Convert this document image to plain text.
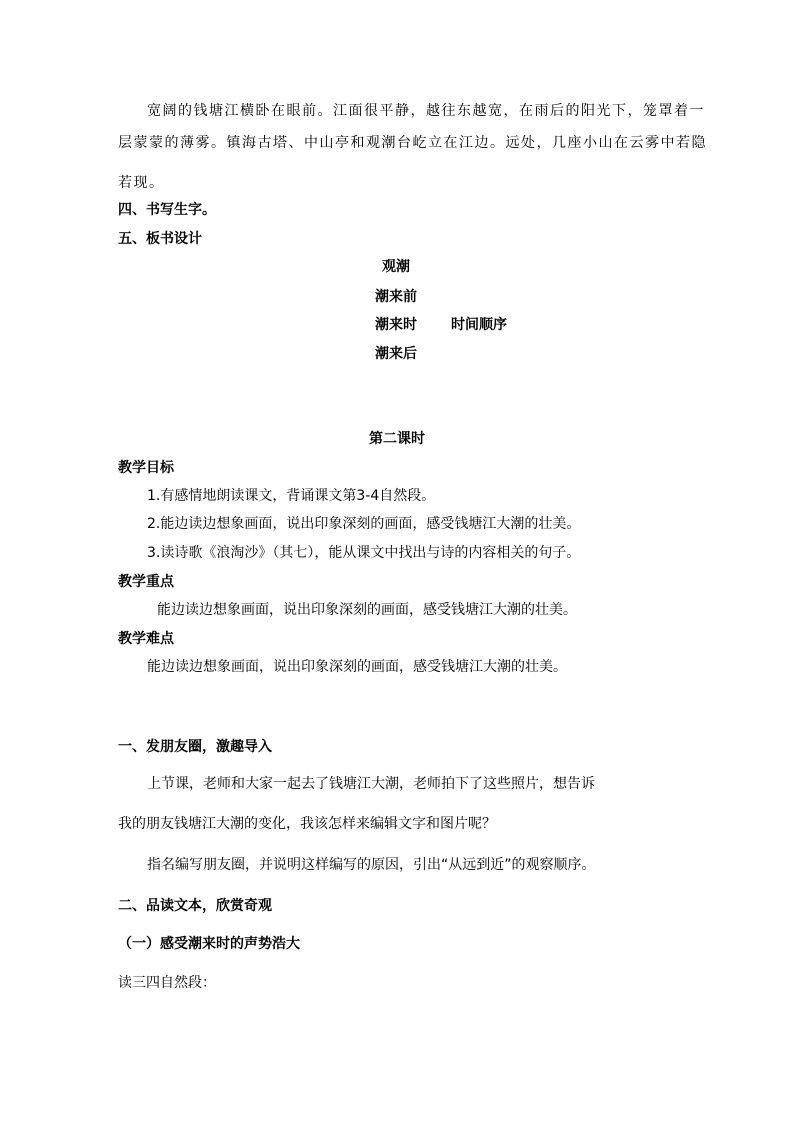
宽阔的钱塘江横卧在眼前。江面很平静，越往东越宽，在雨后的阳光下，笼罩着一
层蒙蒙的薄雾。镇海古塔、中山亭和观潮台屹立在江边。远处，几座小山在云雾中若隐
若现。
四、书写生字。
五、板书设计
观潮
潮来前
潮来时 时间顺序
潮来后
第二课时
教学目标
1.有感情地朗读课文，背诵课文第3-4自然段。
2.能边读边想象画面，说出印象深刻的画面，感受钱塘江大潮的壮美。
3.读诗歌《浪淘沙》（其七），能从课文中找出与诗的内容相关的句子。
教学重点
能边读边想象画面，说出印象深刻的画面，感受钱塘江大潮的壮美。
教学难点
能边读边想象画面，说出印象深刻的画面，感受钱塘江大潮的壮美。
一、发朋友圈，激趣导入
上节课，老师和大家一起去了钱塘江大潮，老师拍下了这些照片，想告诉
我的朋友钱塘江大潮的变化，我该怎样来编辑文字和图片呢？
指名编写朋友圈，并说明这样编写的原因，引出“从远到近”的观察顺序。
二、品读文本，欣赏奇观
（一）感受潮来时的声势浩大
读三四自然段：
